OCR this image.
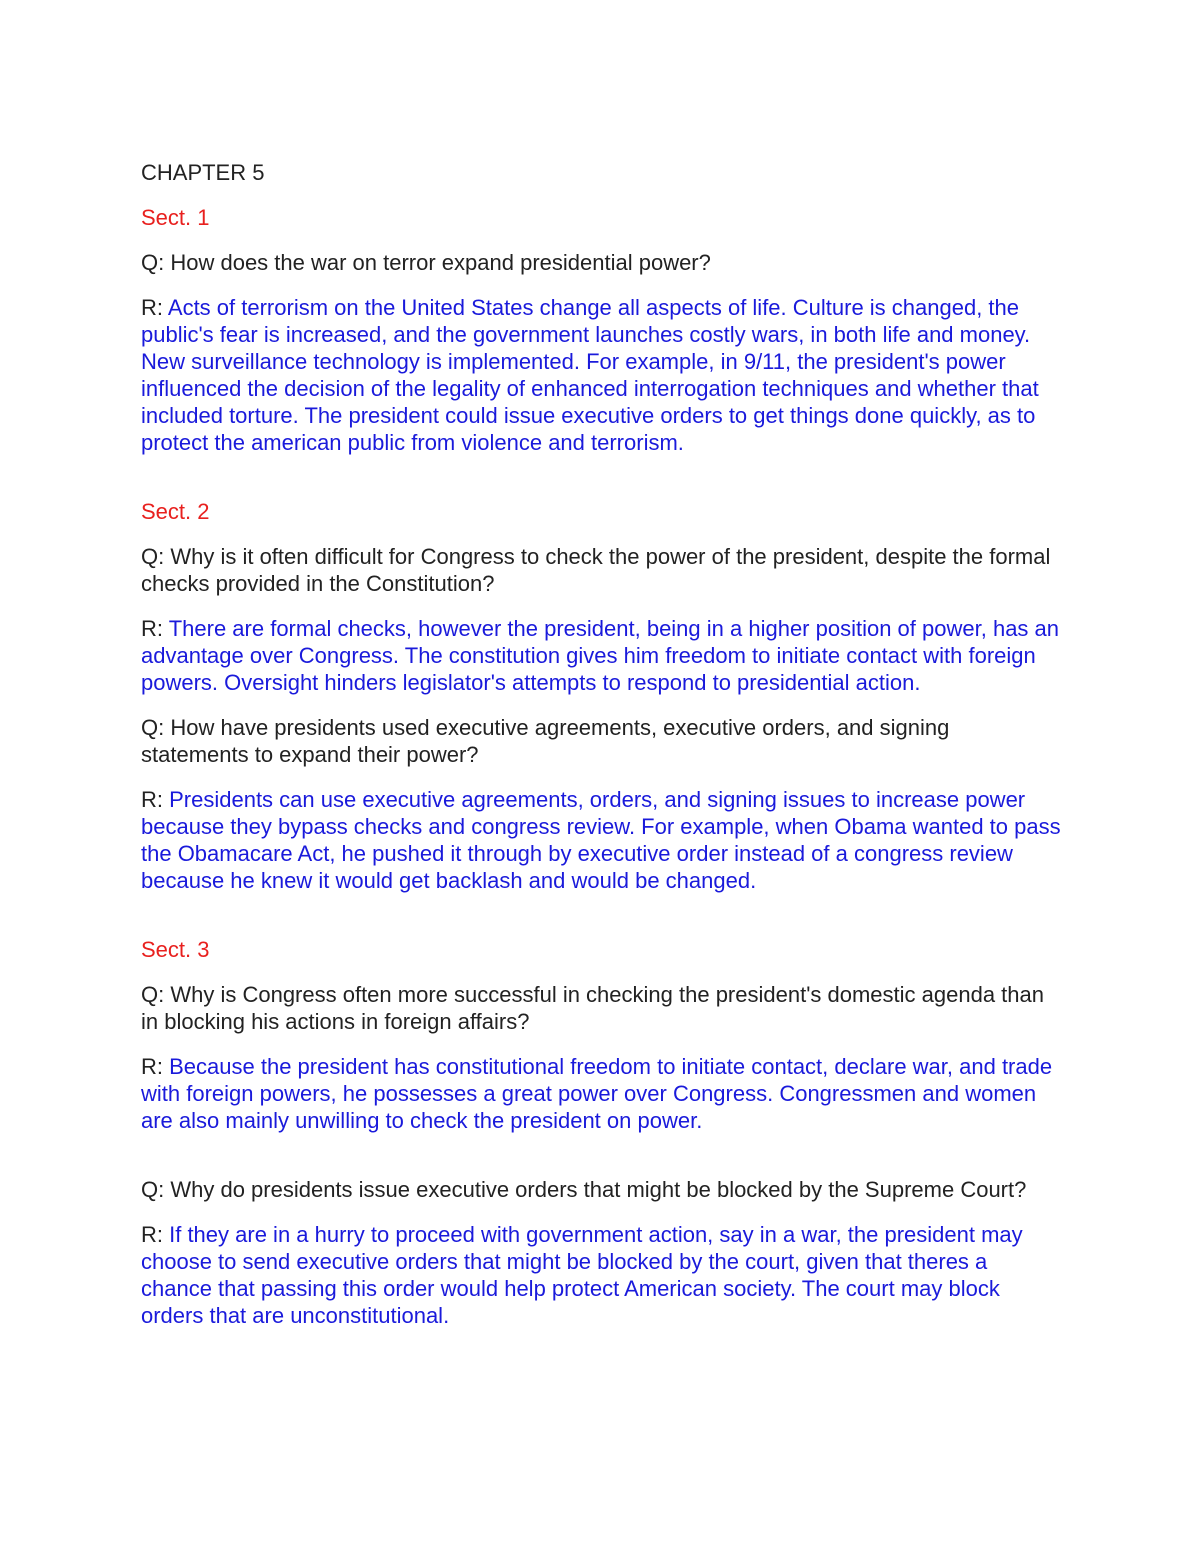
CHAPTER 5

Sect. 1

Q: How does the war on terror expand presidential power?

R: Acts of terrorism on the United States change all aspects of life. Culture is changed, the public's fear is increased, and the government launches costly wars, in both life and money. New surveillance technology is implemented. For example, in 9/11, the president's power influenced the decision of the legality of enhanced interrogation techniques and whether that included torture. The president could issue executive orders to get things done quickly, as to protect the american public from violence and terrorism.

Sect. 2

Q: Why is it often difficult for Congress to check the power of the president, despite the formal checks provided in the Constitution?

R: There are formal checks, however the president, being in a higher position of power, has an advantage over Congress. The constitution gives him freedom to initiate contact with foreign powers. Oversight hinders legislator's attempts to respond to presidential action.

Q: How have presidents used executive agreements, executive orders, and signing statements to expand their power?

R: Presidents can use executive agreements, orders, and signing issues to increase power because they bypass checks and congress review. For example, when Obama wanted to pass the Obamacare Act, he pushed it through by executive order instead of a congress review because he knew it would get backlash and would be changed.

Sect. 3

Q: Why is Congress often more successful in checking the president's domestic agenda than in blocking his actions in foreign affairs?

R: Because the president has constitutional freedom to initiate contact, declare war, and trade with foreign powers, he possesses a great power over Congress. Congressmen and women are also mainly unwilling to check the president on power.

Q: Why do presidents issue executive orders that might be blocked by the Supreme Court?

R: If they are in a hurry to proceed with government action, say in a war, the president may choose to send executive orders that might be blocked by the court, given that theres a chance that passing this order would help protect American society. The court may block orders that are unconstitutional.
